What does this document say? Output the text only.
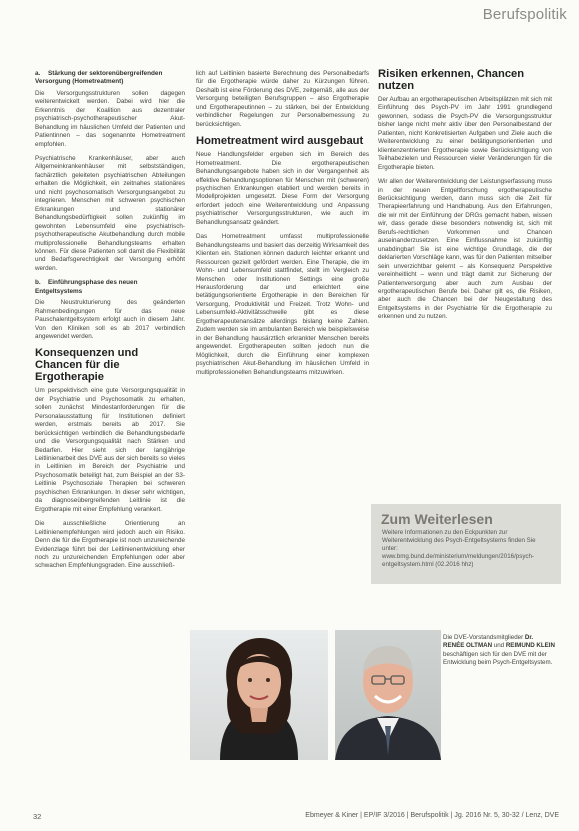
Berufspolitik
a. Stärkung der sektorenübergreifenden Versorgung (Hometreatment)

Die Versorgungsstrukturen sollen dagegen weiterentwickelt werden. Dabei wird hier die Erkenntnis der Koalition aus dezentraler psychiatrisch-psychotherapeutischer Akut-Behandlung im häuslichen Umfeld der Patienten und Patientinnen – das sogenannte Hometreatment empfohlen.

Psychiatrische Krankenhäuser, aber auch Allgemeinkrankenhäuser mit selbstständigen, fachärztlich geleiteten psychiatrischen Abteilungen erhalten die Möglichkeit, ein zeitnahes stationäres und nicht psychosomatisch Versorgungsangebot zu integrieren. Menschen mit schweren psychischen Erkrankungen und stationärer Behandlungsbedürftigkeit sollen zukünftig im gewohnten Lebensumfeld eine psychiatrisch-psychotherapeutische Akutbehandlung durch mobile multiprofessionelle Behandlungsteams erhalten können. Für diese Patienten soll damit die Flexibilität und Bedarfsgerechtigkeit der Versorgung erhöht werden.

b. Einführungsphase des neuen Entgeltsystems

Die Neustrukturierung des geänderten Rahmenbedingungen für das neue Pauschalentgeltsystem erfolgt auch in diesem Jahr. Von den Kliniken soll es ab 2017 verbindlich angewendet werden.

Konsequenzen und Chancen für die Ergotherapie

Um perspektivisch eine gute Versorgungsqualität in der Psychiatrie und Psychosomatik zu erhalten, sollen zunächst Mindestanforderungen für die Personalausstattung für Institutionen definiert werden, erstmals bereits ab 2017. Sie berücksichtigen verbindlich die Behandlungsbedarfe und die Versorgungsqualität nach Stärken und Bedarfen. Hier sieht sich der langjährige Leitlinienarbeit des DVE aus der sich bereits so vieles in Leitlinien im Bereich der Psychiatrie und Psychosomatik beteiligt hat, zum Beispiel an der S3-Leitlinie Psychosoziale Therapien bei schweren psychischen Erkrankungen. In dieser sehr wichtigen, da diagnoseübergreifenden Leitlinie ist die Ergotherapie mit einer Empfehlung verankert.

Die ausschließliche Orientierung an Leitlinienempfehlungen wird jedoch auch ein Risiko. Denn die für die Ergotherapie ist noch unzureichende Evidenzlage führt bei der Leitlinienentwicklung eher noch zu unzureichenden Empfehlungen oder aber schwachen Empfehlungsgraden. Eine ausschließ-

lich auf Leitlinien basierte Berechnung des Personalbedarfs für die Ergotherapie würde daher zu Kürzungen führen. Deshalb ist eine Förderung des DVE, zeitgemäß, alle aus der Versorgung beteiligten Berufsgruppen – also Ergotherapie und Ergotherapeutinnen – zu stärken, bei der Entwicklung verbindlicher Regelungen zur Personalbemessung zu berücksichtigen.

Hometreatment wird ausgebaut

Neue Handlungsfelder ergeben sich im Bereich des Hometreatment. Die ergotherapeutischen Behandlungsangebote haben sich in der Vergangenheit als effektive Behandlungsoptionen für Menschen mit (schweren) psychischen Erkrankungen etabliert und werden bereits in Modellprojekten umgesetzt. Diese Form der Versorgung erfordert jedoch eine Weiterentwicklung und Anpassung psychiatrischer Versorgungsstrukturen, wie auch im Behandlungsansatz geändert.

Das Hometreatment umfasst multiprofessionelle Behandlungsteams und basiert das derzeitig Wirksamkeit des Klienten ein. Stationen können dadurch leichter erkannt und Ressourcen gezielt gefördert werden. Eine Therapie, die im Wohn- und Lebensumfeld stattfindet, stellt im Vergleich zu Menschen oder Institutionen Settings eine große Herausforderung dar und erleichtert eine betätigungsorientierte Ergotherapie in den Bereichen für Versorgung, Produktivität und Freizeit. Trotz Wohn- und Lebensumfeld-Aktivitätsschwelle gibt es diese Ergotherapeutenansätze allerdings bislang keine Zahlen. Zudem werden sie im ambulanten Bereich wie beispielsweise in der Behandlung hausärztlich erkrankter Menschen bereits angewendet. Ergotherapeuten sollten jedoch nun die Möglichkeit, durch die Einführung einer komplexen psychiatrischen Akut-Behandlung im häuslichen Umfeld in multiprofessionellen Behandlungsteams mitzuwirken.

Risiken erkennen, Chancen nutzen

Der Aufbau an ergotherapeutischen Arbeitsplätzen mit sich mit Einführung des Psych-PV im Jahr 1991 grundlegend gewonnen, sodass die Psych-PV die Versorgungsstruktur bisher lange nicht mehr aktiv über den Personalbestand der Patienten, nicht Konkretisierten Aufgaben und Ziele auch die Weiterentwicklung zu einer betätigungsorientierten und klientenzentrierten Ergotherapie sowie Berücksichtigung von Teilhabezielen und Ressourcen vieler Veränderungen für die Ergotherapie bieten.

Wir allen der Weiterentwicklung der Leistungserfassung muss in der neuen Entgeltforschung ergotherapeutische Berücksichtigung werden, dann muss sich die Zeit für Therapieerfahrung und Handhabung. Aus den Erfahrungen, die wir mit der Einführung der DRGs gemacht haben, wissen wir, dass gerade diese besonders notwendig ist, sich mit Berufs-rechtlichen Vorkommen und Chancen auseinanderzusetzen. Eine Einflussnahme ist zukünftig unabdingbar! Sie ist eine wichtige Grundlage, die der deklarierten Vorschläge kann, was für den Patienten mitselber sein unverzichtbar gelernt – als Konsequenz Perspektive vereinheitlicht – wenn und trägt damit zur Sicherung der Patientenversorgung aber auch zum Ausbau der ergotherapeutischen Berufe bei. Daher gilt es, die Risiken, aber auch die Chancen bei der Neugestaltung des Entgeltsystems in der Psychiatrie für die Ergotherapie zu erkennen und zu nutzen.

Zum Weiterlesen
Weitere Informationen zu den Eckpunkten zur Weiterentwicklung des Psych-Entgeltsystems finden Sie unter: www.bmg.bund.de/ministerium/meldungen/2016/psych-entgeltsystem.html (02.2016 hhz)
Die DVE-Vorstandsmitglieder Dr. RENÉE OLTMAN und REIMUND KLEIN beschäftigen sich für den DVE mit der Entwicklung beim Psych-Entgeltsystem.
32	Ebmeyer & Kiner | EP/IF 3/2016 | Berufspolitik | Jg. 2016 Nr. 5, 30-32 / Lenz, DVE
